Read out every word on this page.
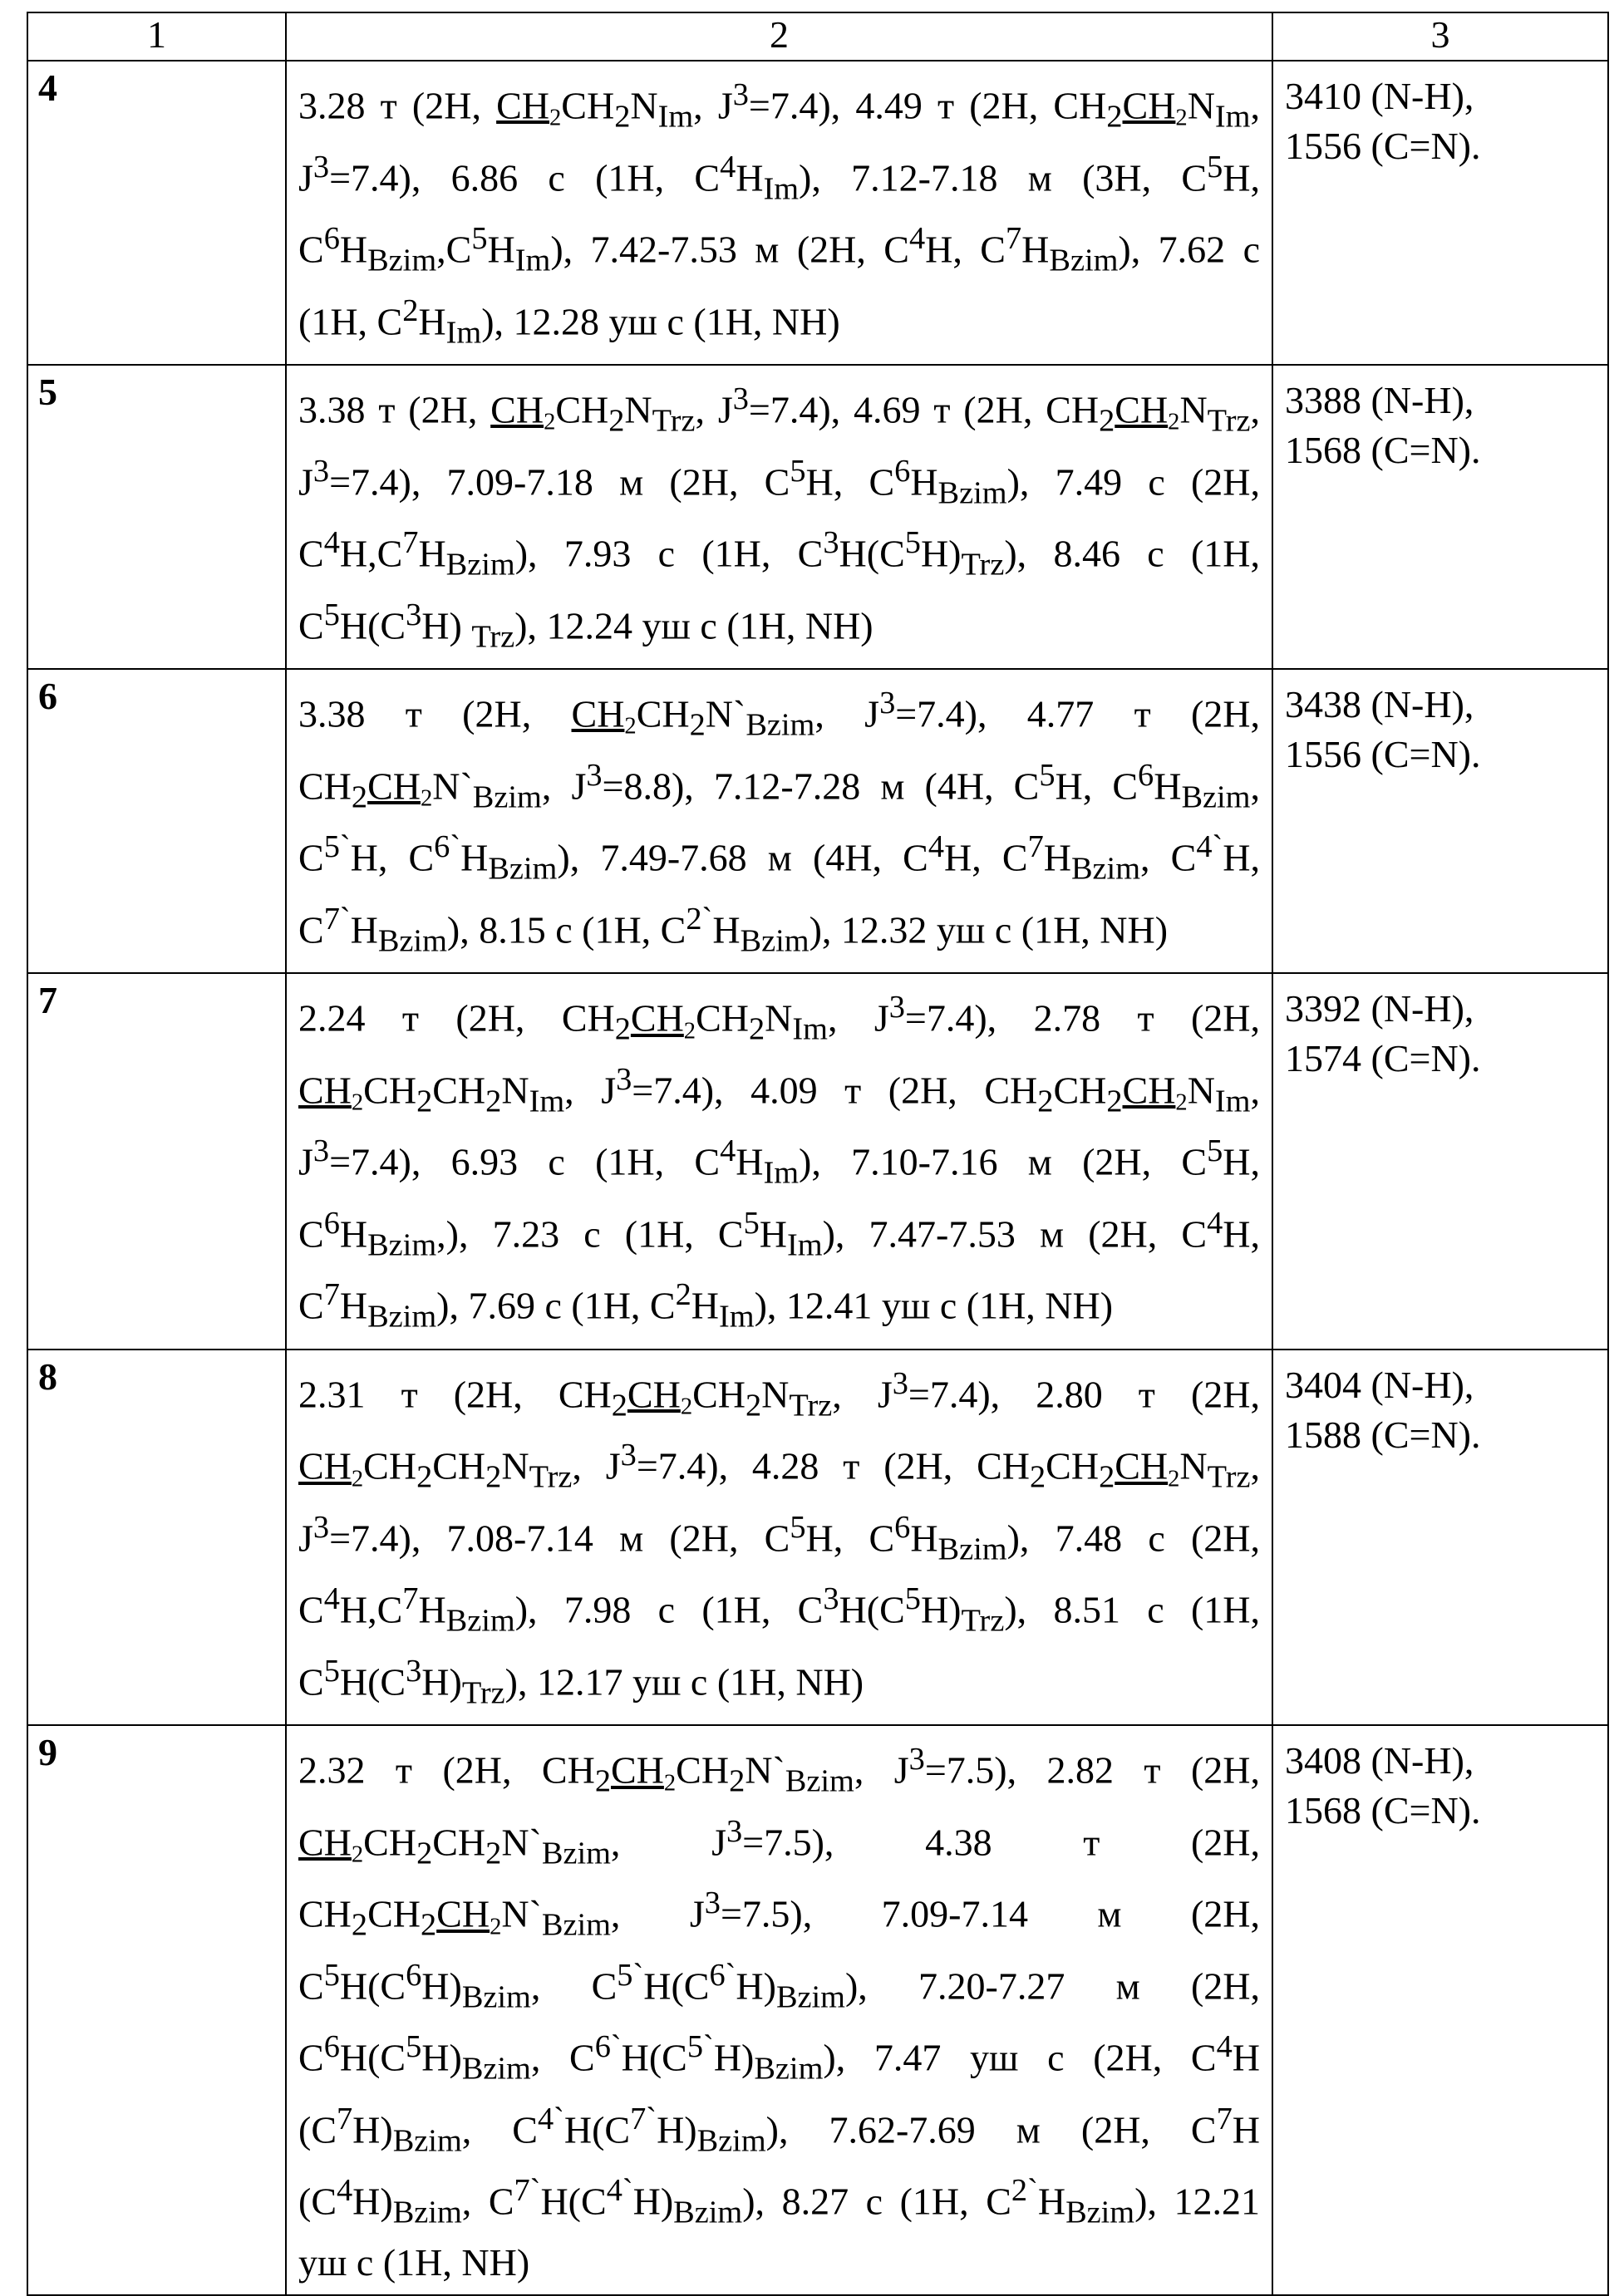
1	2	3
4	3.28 т (2H, CH2CH2NIm, J3=7.4), 4.49 т (2H, CH2CH2NIm, J3=7.4), 6.86 с (1H, C4HIm), 7.12-7.18 м (3H, C5H, C6HBzim,C5HIm), 7.42-7.53 м (2H, C4H, C7HBzim), 7.62 с (1H, C2HIm), 12.28 уш с (1H, NH)	
3410 (N-H),
1556 (C=N).

5	3.38 т (2H, CH2CH2NTrz, J3=7.4), 4.69 т (2H, CH2CH2NTrz, J3=7.4), 7.09-7.18 м (2H, C5H, C6HBzim), 7.49 с (2H, C4H,C7HBzim), 7.93 с (1H, C3H(C5H)Trz), 8.46 с (1H, C5H(C3H) Trz), 12.24 уш с (1H, NH)	
3388 (N-H),
1568 (C=N).

6	3.38 т (2H, CH2CH2N`Bzim, J3=7.4), 4.77 т (2H, CH2CH2N`Bzim, J3=8.8), 7.12-7.28 м (4H, C5H, C6HBzim, C5`H, C6`HBzim), 7.49-7.68 м (4H, C4H, C7HBzim, C4`H, C7`HBzim), 8.15 с (1H, C2`HBzim), 12.32 уш с (1H, NH)	
3438 (N-H),
1556 (C=N).

7	2.24 т (2H, CH2CH2CH2NIm, J3=7.4), 2.78 т (2H, CH2CH2CH2NIm, J3=7.4), 4.09 т (2H, CH2CH2CH2NIm, J3=7.4), 6.93 с (1H, C4HIm), 7.10-7.16 м (2H, C5H, C6HBzim,), 7.23 с (1H, C5HIm), 7.47-7.53 м (2H, C4H, C7HBzim), 7.69 с (1H, C2HIm), 12.41 уш с (1H, NH)	
3392 (N-H),
1574 (C=N).

8	2.31 т (2H, CH2CH2CH2NTrz, J3=7.4), 2.80 т (2H, CH2CH2CH2NTrz, J3=7.4), 4.28 т (2H, CH2CH2CH2NTrz, J3=7.4), 7.08-7.14 м (2H, C5H, C6HBzim), 7.48 с (2H, C4H,C7HBzim), 7.98 с (1H, C3H(C5H)Trz), 8.51 с (1H, C5H(C3H)Trz), 12.17 уш с (1H, NH)	
3404 (N-H),
1588 (C=N).

9	2.32 т (2H, CH2CH2CH2N`Bzim, J3=7.5), 2.82 т (2H, CH2CH2CH2N`Bzim, J3=7.5), 4.38 т (2H, CH2CH2CH2N`Bzim, J3=7.5), 7.09-7.14 м (2H, C5H(C6H)Bzim, C5`H(C6`H)Bzim), 7.20-7.27 м (2H, C6H(C5H)Bzim, C6`H(C5`H)Bzim), 7.47 уш с (2H, C4H (C7H)Bzim, C4`H(C7`H)Bzim), 7.62-7.69 м (2H, C7H (C4H)Bzim, C7`H(C4`H)Bzim), 8.27 с (1H, C2`HBzim), 12.21 уш с (1H, NH)	
3408 (N-H),
1568 (C=N).
